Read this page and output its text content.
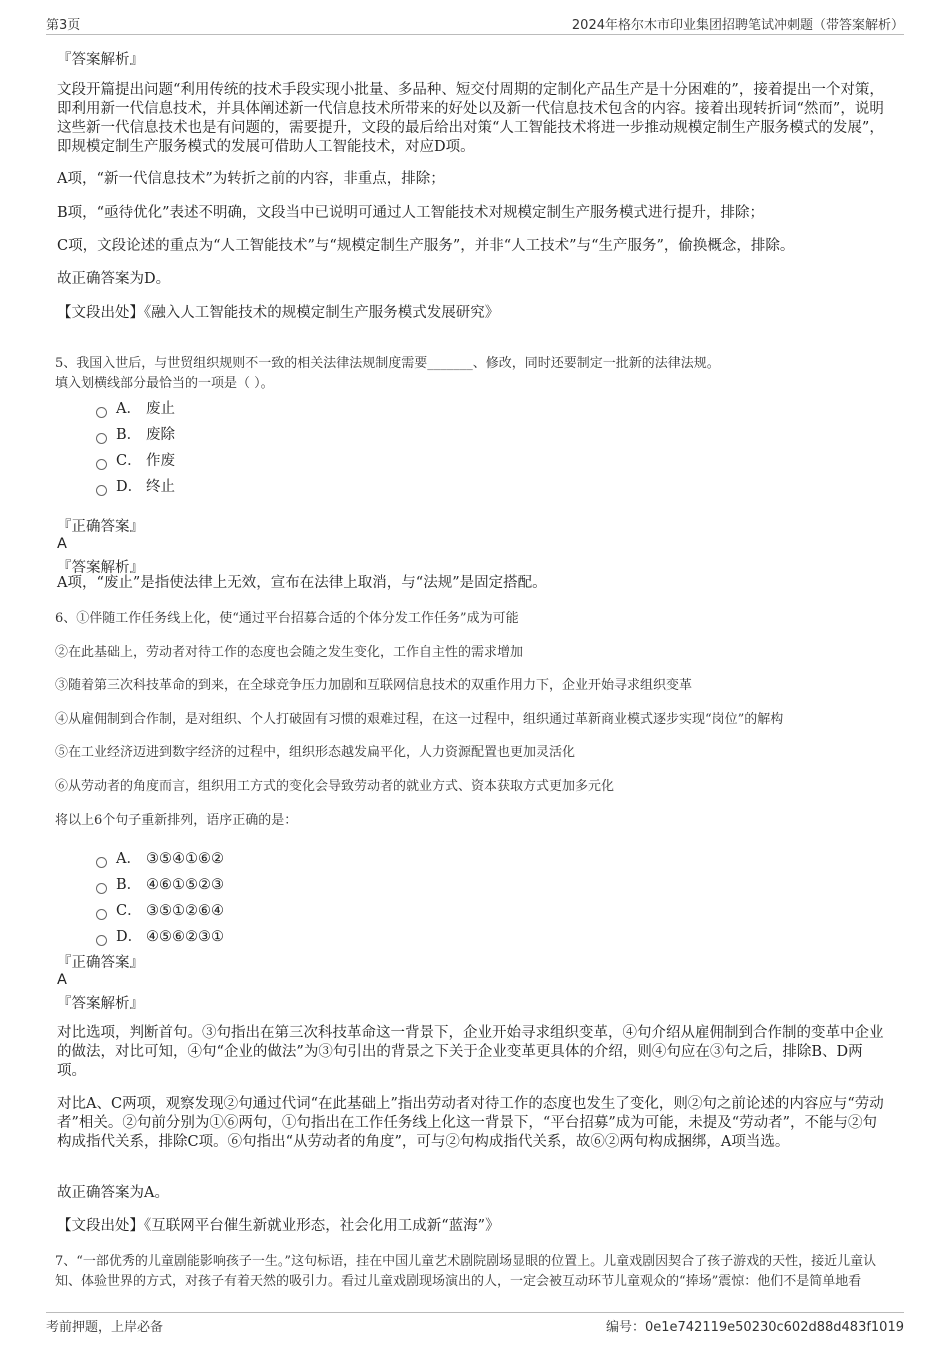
第3页	2024年格尔木市印业集团招聘笔试冲刺题（带答案解析）
『答案解析』
文段开篇提出问题“利用传统的技术手段实现小批量、多品种、短交付周期的定制化产品生产是十分困难的”，接着提出一个对策，即利用新一代信息技术，并具体阐述新一代信息技术所带来的好处以及新一代信息技术包含的内容。接着出现转折词“然而”，说明这些新一代信息技术也是有问题的，需要提升，文段的最后给出对策“人工智能技术将进一步推动规模定制生产服务模式的发展”，即规模定制生产服务模式的发展可借助人工智能技术，对应D项。
A项，“新一代信息技术”为转折之前的内容，非重点，排除；
B项，“亟待优化”表述不明确，文段当中已说明可通过人工智能技术对规模定制生产服务模式进行提升，排除；
C项，文段论述的重点为“人工智能技术”与“规模定制生产服务”，并非“人工技术”与“生产服务”，偷换概念，排除。
故正确答案为D。
【文段出处】《融入人工智能技术的规模定制生产服务模式发展研究》
5、我国入世后，与世贸组织规则不一致的相关法律法规制度需要_______、修改，同时还要制定一批新的法律法规。
填入划横线部分最恰当的一项是（ ）。
A． 废止
B． 废除
C． 作废
D． 终止
『正确答案』
A
『答案解析』
A项，“废止”是指使法律上无效，宣布在法律上取消，与“法规”是固定搭配。
6、①伴随工作任务线上化，使“通过平台招募合适的个体分发工作任务”成为可能
②在此基础上，劳动者对待工作的态度也会随之发生变化，工作自主性的需求增加
③随着第三次科技革命的到来，在全球竞争压力加剧和互联网信息技术的双重作用力下，企业开始寻求组织变革
④从雇佣制到合作制，是对组织、个人打破固有习惯的艰难过程，在这一过程中，组织通过革新商业模式逐步实现“岗位”的解构
⑤在工业经济迈进到数字经济的过程中，组织形态越发扁平化，人力资源配置也更加灵活化
⑥从劳动者的角度而言，组织用工方式的变化会导致劳动者的就业方式、资本获取方式更加多元化
将以上6个句子重新排列，语序正确的是：
A． ③⑤④①⑥②
B． ④⑥①⑤②③
C． ③⑤①②⑥④
D． ④⑤⑥②③①
『正确答案』
A
『答案解析』
对比选项，判断首句。③句指出在第三次科技革命这一背景下，企业开始寻求组织变革，④句介绍从雇佣制到合作制的变革中企业的做法，对比可知，④句“企业的做法”为③句引出的背景之下关于企业变革更具体的介绍，则④句应在③句之后，排除B、D两项。
对比A、C两项，观察发现②句通过代词“在此基础上”指出劳动者对待工作的态度也发生了变化，则②句之前论述的内容应与“劳动者”相关。②句前分别为①⑥两句，①句指出在工作任务线上化这一背景下，“平台招募”成为可能，未提及“劳动者”，不能与②句构成指代关系，排除C项。⑥句指出“从劳动者的角度”，可与②句构成指代关系，故⑥②两句构成捆绑，A项当选。
故正确答案为A。
【文段出处】《互联网平台催生新就业形态，社会化用工成新“蓝海”》
7、“一部优秀的儿童剧能影响孩子一生。”这句标语，挂在中国儿童艺术剧院剧场显眼的位置上。儿童戏剧因契合了孩子游戏的天性，接近儿童认知、体验世界的方式，对孩子有着天然的吸引力。看过儿童戏剧现场演出的人，一定会被互动环节儿童观众的“捧场”震惊：他们不是简单地看
考前押题，上岸必备	编号：0e1e742119e50230c602d88d483f1019
